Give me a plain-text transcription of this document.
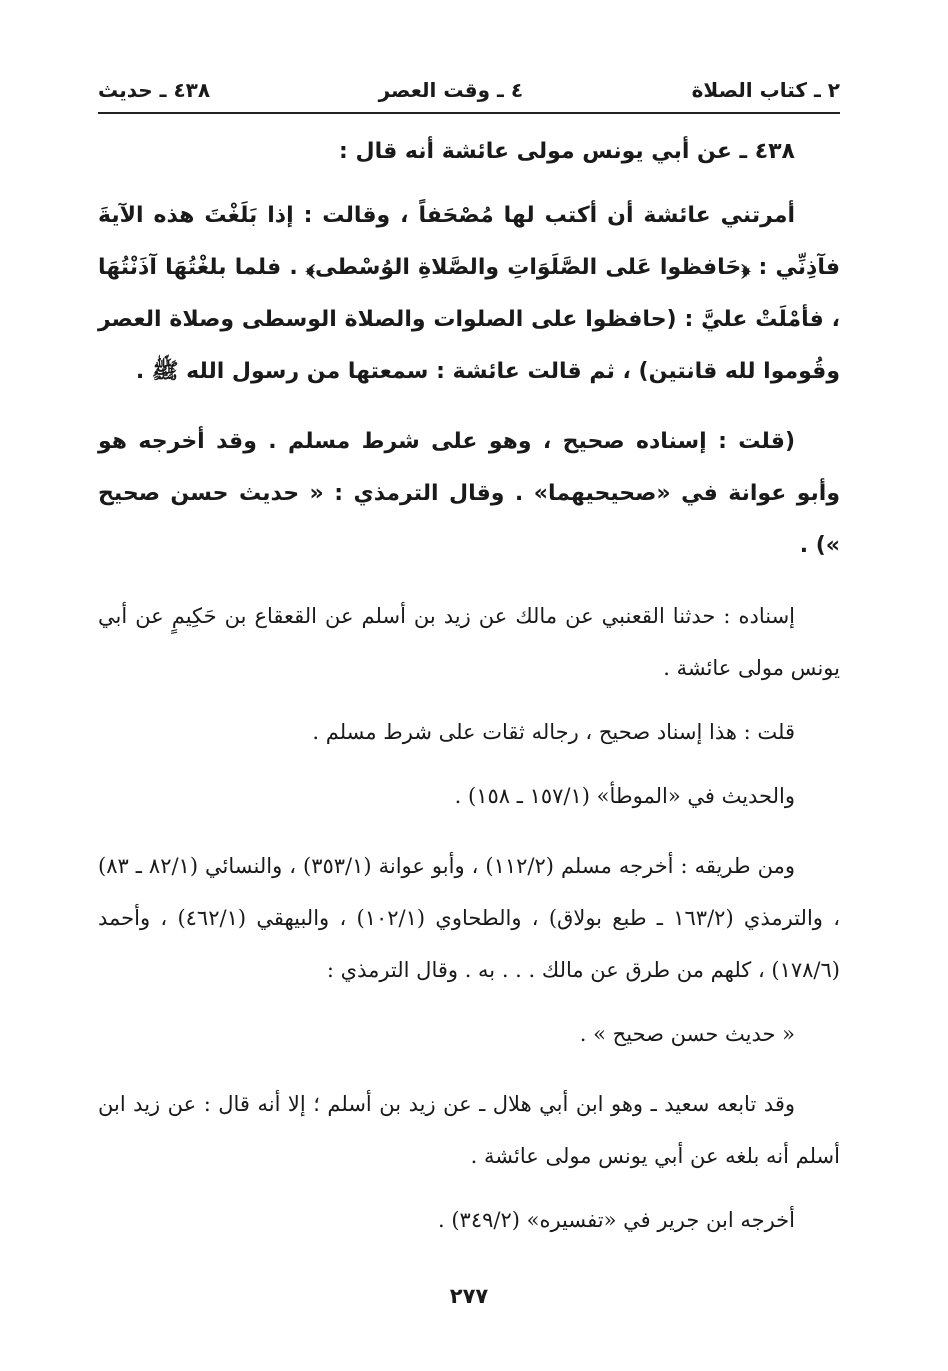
٢ ـ كتاب الصلاة
٤ ـ وقت العصر
٤٣٨ ـ حديث

٤٣٨ ـ عن أبي يونس مولى عائشة أنه قال :

أمرتني عائشة أن أكتب لها مُصْحَفاً ، وقالت : إذا بَلَغْتَ هذه الآيةَ فآذِنِّي : ﴿حَافظوا عَلى الصَّلَوَاتِ والصَّلاةِ الوُسْطى﴾ . فلما بلغْتُهَا آذَنْتُهَا ، فأمْلَتْ عليَّ : (حافظوا على الصلوات والصلاة الوسطى وصلاة العصر وقُوموا لله قانتين) ، ثم قالت عائشة : سمعتها من رسول الله ﷺ .

(قلت : إسناده صحيح ، وهو على شرط مسلم . وقد أخرجه هو وأبو عوانة في «صحيحيهما» . وقال الترمذي : « حديث حسن صحيح ») .

إسناده : حدثنا القعنبي عن مالك عن زيد بن أسلم عن القعقاع بن حَكِيمٍ عن أبي يونس مولى عائشة .

قلت : هذا إسناد صحيح ، رجاله ثقات على شرط مسلم .

والحديث في «الموطأ» (١٥٧/١ ـ ١٥٨) .

ومن طريقه : أخرجه مسلم (١١٢/٢) ، وأبو عوانة (٣٥٣/١) ، والنسائي (٨٢/١ ـ ٨٣) ، والترمذي (١٦٣/٢ ـ طبع بولاق) ، والطحاوي (١٠٢/١) ، والبيهقي (٤٦٢/١) ، وأحمد (١٧٨/٦) ، كلهم من طرق عن مالك . . . به . وقال الترمذي :

« حديث حسن صحيح » .

وقد تابعه سعيد ـ وهو ابن أبي هلال ـ عن زيد بن أسلم ؛ إلا أنه قال : عن زيد ابن أسلم أنه بلغه عن أبي يونس مولى عائشة .

أخرجه ابن جرير في «تفسيره» (٣٤٩/٢) .

٢٧٧
